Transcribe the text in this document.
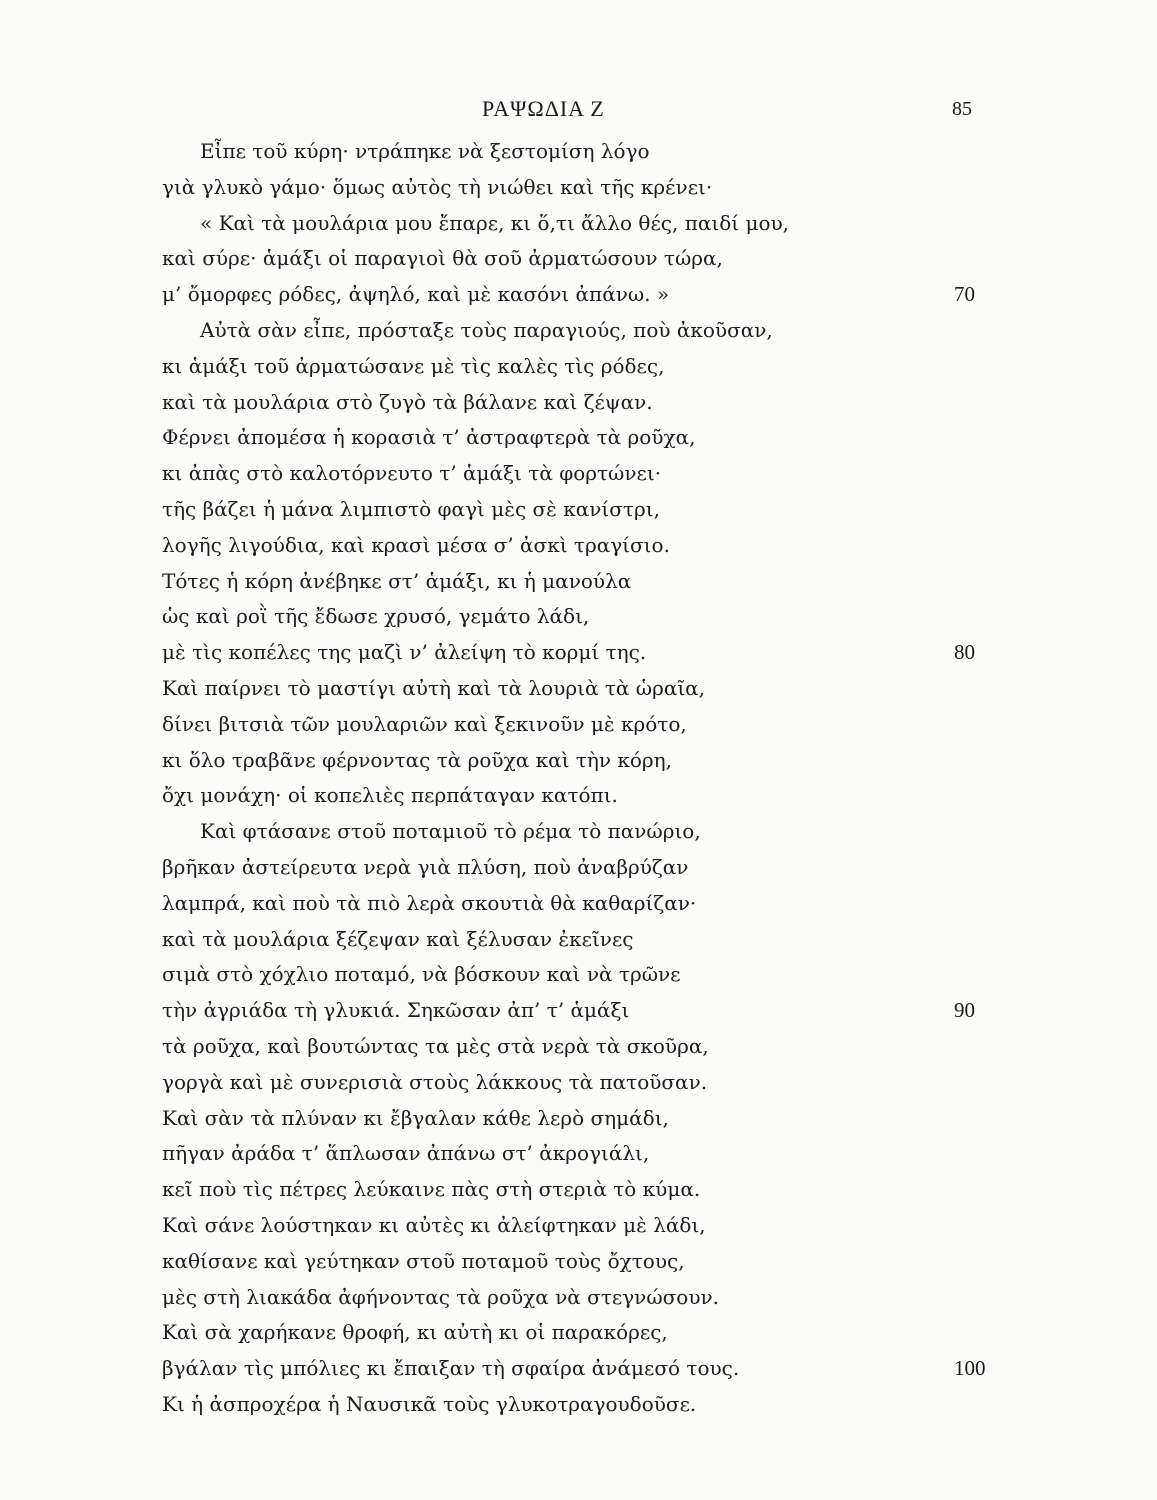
ΡΑΨΩΔΙΑ Ζ	85
Εἶπε τοῦ κύρη· ντράπηκε νὰ ξεστομίση λόγο
γιὰ γλυκὸ γάμο· ὅμως αὐτὸς τὴ νιώθει καὶ τῆς κρένει·
« Καὶ τὰ μουλάρια μου ἔπαρε, κι ὅ,τι ἄλλο θές, παιδί μου,
καὶ σύρε· ἁμάξι οἱ παραγιοὶ θὰ σοῦ ἀρματώσουν τώρα,
μ’ ὄμορφες ρόδες, ἀψηλό, καὶ μὲ κασόνι ἀπάνω. »	70
Αὐτὰ σὰν εἶπε, πρόσταξε τοὺς παραγιούς, ποὺ ἀκοῦσαν,
κι ἁμάξι τοῦ ἀρματώσανε μὲ τὶς καλὲς τὶς ρόδες,
καὶ τὰ μουλάρια στὸ ζυγὸ τὰ βάλανε καὶ ζέψαν.
Φέρνει ἀπομέσα ἡ κορασιὰ τ’ ἀστραφτερὰ τὰ ροῦχα,
κι ἀπὰς στὸ καλοτόρνευτο τ’ ἁμάξι τὰ φορτώνει·
τῆς βάζει ἡ μάνα λιμπιστὸ φαγὶ μὲς σὲ κανίστρι,
λογῆς λιγούδια, καὶ κρασὶ μέσα σ’ ἀσκὶ τραγίσιο.
Τότες ἡ κόρη ἀνέβηκε στ’ ἁμάξι, κι ἡ μανούλα
ὡς καὶ ροῒ τῆς ἔδωσε χρυσό, γεμάτο λάδι,
μὲ τὶς κοπέλες της μαζὶ ν’ ἀλείψη τὸ κορμί της.	80
Καὶ παίρνει τὸ μαστίγι αὐτὴ καὶ τὰ λουριὰ τὰ ὡραῖα,
δίνει βιτσιὰ τῶν μουλαριῶν καὶ ξεκινοῦν μὲ κρότο,
κι ὅλο τραβᾶνε φέρνοντας τὰ ροῦχα καὶ τὴν κόρη,
ὄχι μονάχη· οἱ κοπελιὲς περπάταγαν κατόπι.
Καὶ φτάσανε στοῦ ποταμιοῦ τὸ ρέμα τὸ πανώριο,
βρῆκαν ἀστείρευτα νερὰ γιὰ πλύση, ποὺ ἀναβρύζαν
λαμπρά, καὶ ποὺ τὰ πιὸ λερὰ σκουτιὰ θὰ καθαρίζαν·
καὶ τὰ μουλάρια ξέζεψαν καὶ ξέλυσαν ἐκεῖνες
σιμὰ στὸ χόχλιο ποταμό, νὰ βόσκουν καὶ νὰ τρῶνε
τὴν ἀγριάδα τὴ γλυκιά. Σηκῶσαν ἀπ’ τ’ ἁμάξι	90
τὰ ροῦχα, καὶ βουτώντας τα μὲς στὰ νερὰ τὰ σκοῦρα,
γοργὰ καὶ μὲ συνερισιὰ στοὺς λάκκους τὰ πατοῦσαν.
Καὶ σὰν τὰ πλύναν κι ἔβγαλαν κάθε λερὸ σημάδι,
πῆγαν ἀράδα τ’ ἅπλωσαν ἀπάνω στ’ ἀκρογιάλι,
κεῖ ποὺ τὶς πέτρες λεύκαινε πὰς στὴ στεριὰ τὸ κύμα.
Καὶ σάνε λούστηκαν κι αὐτὲς κι ἀλείφτηκαν μὲ λάδι,
καθίσανε καὶ γεύτηκαν στοῦ ποταμοῦ τοὺς ὄχτους,
μὲς στὴ λιακάδα ἀφήνοντας τὰ ροῦχα νὰ στεγνώσουν.
Καὶ σὰ χαρήκανε θροφή, κι αὐτὴ κι οἱ παρακόρες,
βγάλαν τὶς μπόλιες κι ἔπαιξαν τὴ σφαίρα ἀνάμεσό τους.	100
Κι ἡ ἀσπροχέρα ἡ Ναυσικᾶ τοὺς γλυκοτραγουδοῦσε.
